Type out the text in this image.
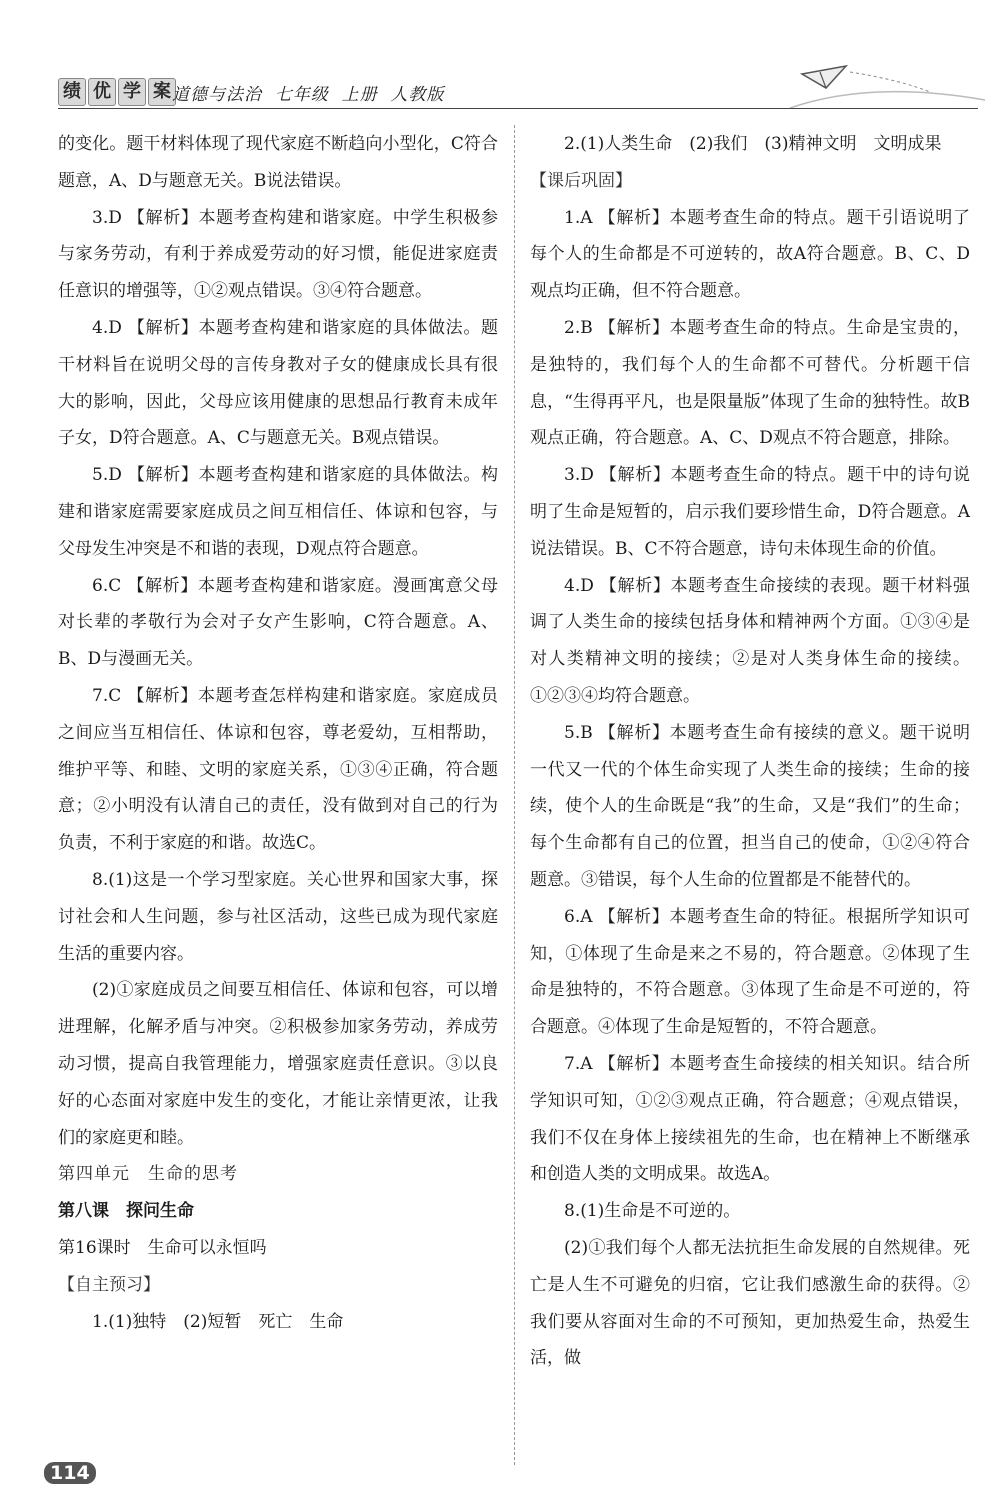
绩 优 学 案 道德与法治  七年级  上册  人教版

的变化。题干材料体现了现代家庭不断趋向小型化，C符合题意，A、D与题意无关。B说法错误。

3.D 【解析】本题考查构建和谐家庭。中学生积极参与家务劳动，有利于养成爱劳动的好习惯，能促进家庭责任意识的增强等，①②观点错误。③④符合题意。

4.D 【解析】本题考查构建和谐家庭的具体做法。题干材料旨在说明父母的言传身教对子女的健康成长具有很大的影响，因此，父母应该用健康的思想品行教育未成年子女，D符合题意。A、C与题意无关。B观点错误。

5.D 【解析】本题考查构建和谐家庭的具体做法。构建和谐家庭需要家庭成员之间互相信任、体谅和包容，与父母发生冲突是不和谐的表现，D观点符合题意。

6.C 【解析】本题考查构建和谐家庭。漫画寓意父母对长辈的孝敬行为会对子女产生影响，C符合题意。A、B、D与漫画无关。

7.C 【解析】本题考查怎样构建和谐家庭。家庭成员之间应当互相信任、体谅和包容，尊老爱幼，互相帮助，维护平等、和睦、文明的家庭关系，①③④正确，符合题意；②小明没有认清自己的责任，没有做到对自己的行为负责，不利于家庭的和谐。故选C。

8.(1)这是一个学习型家庭。关心世界和国家大事，探讨社会和人生问题，参与社区活动，这些已成为现代家庭生活的重要内容。

(2)①家庭成员之间要互相信任、体谅和包容，可以增进理解，化解矛盾与冲突。②积极参加家务劳动，养成劳动习惯，提高自我管理能力，增强家庭责任意识。③以良好的心态面对家庭中发生的变化，才能让亲情更浓，让我们的家庭更和睦。

第四单元　生命的思考

第八课　探问生命

第16课时　生命可以永恒吗

【自主预习】

1.(1)独特　(2)短暂　死亡　生命

2.(1)人类生命　(2)我们　(3)精神文明　文明成果

【课后巩固】

1.A 【解析】本题考查生命的特点。题干引语说明了每个人的生命都是不可逆转的，故A符合题意。B、C、D观点均正确，但不符合题意。

2.B 【解析】本题考查生命的特点。生命是宝贵的，是独特的，我们每个人的生命都不可替代。分析题干信息，“生得再平凡，也是限量版”体现了生命的独特性。故B观点正确，符合题意。A、C、D观点不符合题意，排除。

3.D 【解析】本题考查生命的特点。题干中的诗句说明了生命是短暂的，启示我们要珍惜生命，D符合题意。A说法错误。B、C不符合题意，诗句未体现生命的价值。

4.D 【解析】本题考查生命接续的表现。题干材料强调了人类生命的接续包括身体和精神两个方面。①③④是对人类精神文明的接续；②是对人类身体生命的接续。①②③④均符合题意。

5.B 【解析】本题考查生命有接续的意义。题干说明一代又一代的个体生命实现了人类生命的接续；生命的接续，使个人的生命既是“我”的生命，又是“我们”的生命；每个生命都有自己的位置，担当自己的使命，①②④符合题意。③错误，每个人生命的位置都是不能替代的。

6.A 【解析】本题考查生命的特征。根据所学知识可知，①体现了生命是来之不易的，符合题意。②体现了生命是独特的，不符合题意。③体现了生命是不可逆的，符合题意。④体现了生命是短暂的，不符合题意。

7.A 【解析】本题考查生命接续的相关知识。结合所学知识可知，①②③观点正确，符合题意；④观点错误，我们不仅在身体上接续祖先的生命，也在精神上不断继承和创造人类的文明成果。故选A。

8.(1)生命是不可逆的。

(2)①我们每个人都无法抗拒生命发展的自然规律。死亡是人生不可避免的归宿，它让我们感激生命的获得。②我们要从容面对生命的不可预知，更加热爱生命，热爱生活，做

114
